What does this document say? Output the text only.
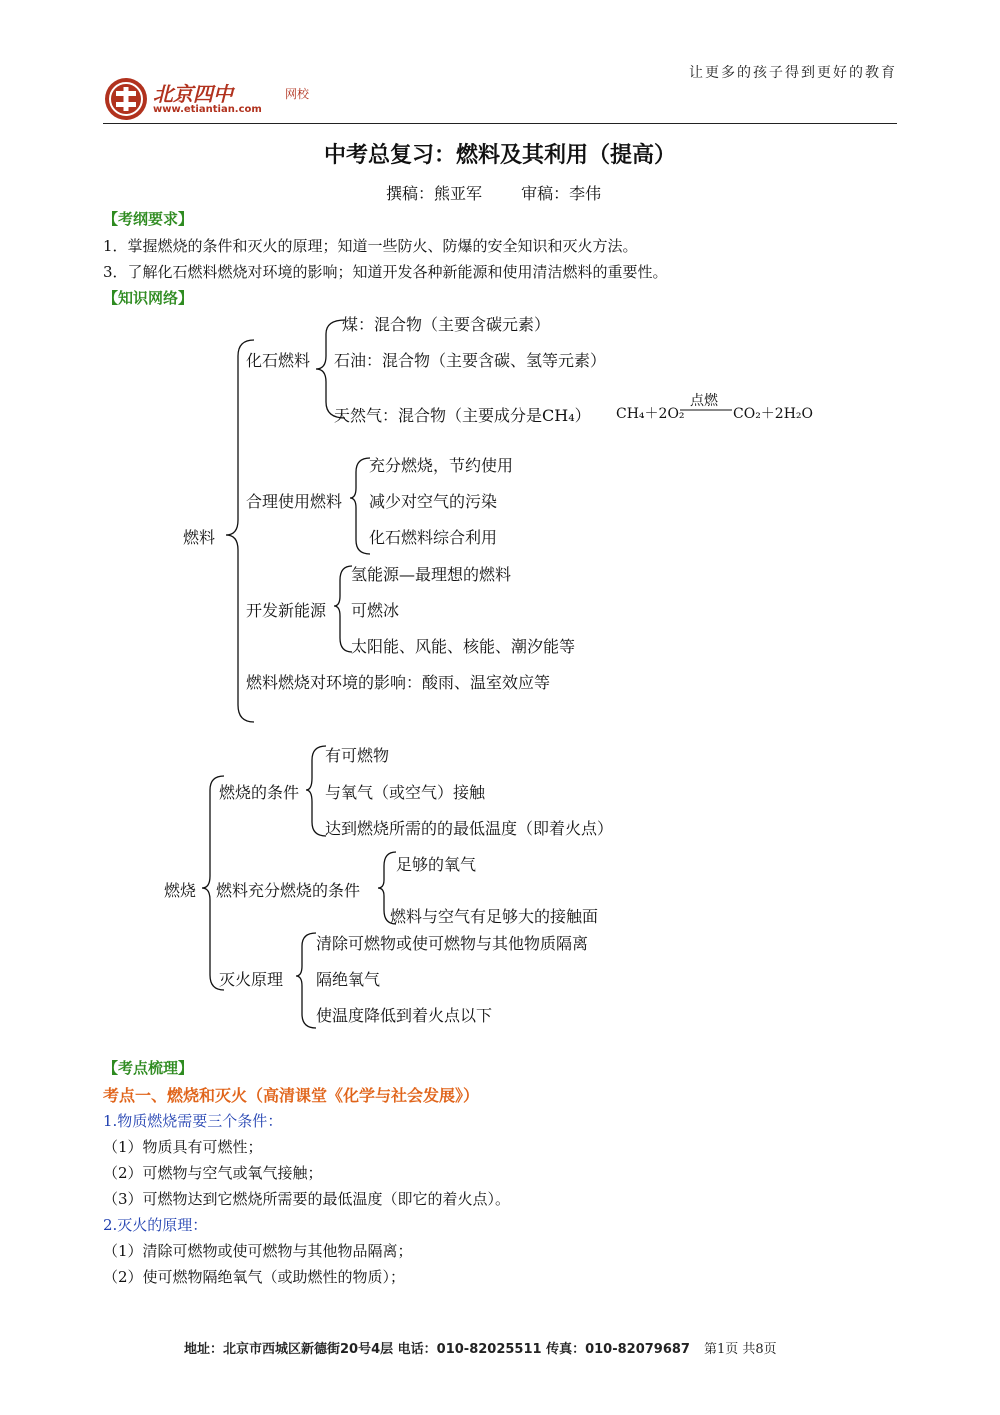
让更多的孩子得到更好的教育
北京四中	网校
www.etiantian.com
中考总复习：燃料及其利用（提高）
撰稿：熊亚军 审稿：李伟
【考纲要求】
1．掌握燃烧的条件和灭火的原理；知道一些防火、防爆的安全知识和灭火方法。
3．了解化石燃料燃烧对环境的影响；知道开发各种新能源和使用清洁燃料的重要性。
【知识网络】
燃料
化石燃料
煤：混合物（主要含碳元素）
石油：混合物（主要含碳、氢等元素）
天然气：混合物（主要成分是CH₄） CH₄＋2O₂
点燃
CO₂＋2H₂O
合理使用燃料
充分燃烧，节约使用
减少对空气的污染
化石燃料综合利用
开发新能源
氢能源—最理想的燃料
可燃冰
太阳能、风能、核能、潮汐能等
燃料燃烧对环境的影响：酸雨、温室效应等
燃烧
燃烧的条件
有可燃物
与氧气（或空气）接触
达到燃烧所需的的最低温度（即着火点）
燃料充分燃烧的条件
足够的氧气
燃料与空气有足够大的接触面
灭火原理
清除可燃物或使可燃物与其他物质隔离
隔绝氧气
使温度降低到着火点以下
【考点梳理】
考点一、燃烧和灭火（高清课堂《化学与社会发展》）
1.物质燃烧需要三个条件：
（1）物质具有可燃性；
（2）可燃物与空气或氧气接触；
（3）可燃物达到它燃烧所需要的最低温度（即它的着火点）。
2.灭火的原理：
（1）清除可燃物或使可燃物与其他物品隔离；
（2）使可燃物隔绝氧气（或助燃性的物质）；
地址：北京市西城区新德街20号4层 电话：010-82025511 传真：010-82079687 第1页 共8页
